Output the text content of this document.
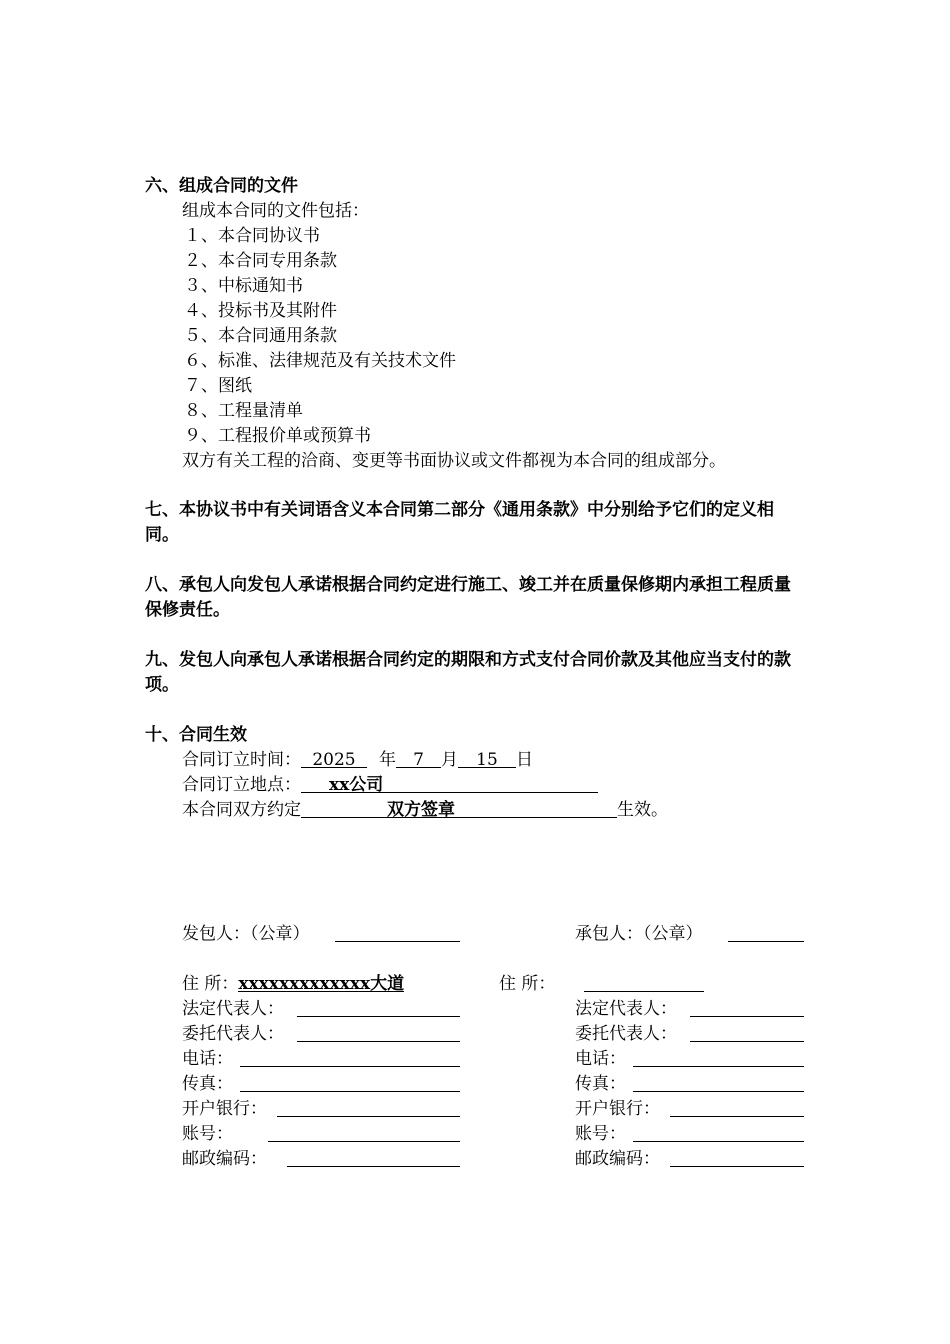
六、组成合同的文件
组成本合同的文件包括：
１、本合同协议书
２、本合同专用条款
３、中标通知书
４、投标书及其附件
５、本合同通用条款
６、标准、法律规范及有关技术文件
７、图纸
８、工程量清单
９、工程报价单或预算书
双方有关工程的洽商、变更等书面协议或文件都视为本合同的组成部分。
七、本协议书中有关词语含义本合同第二部分《通用条款》中分别给予它们的定义相同。
八、承包人向发包人承诺根据合同约定进行施工、竣工并在质量保修期内承担工程质量保修责任。
九、发包人向承包人承诺根据合同约定的期限和方式支付合同价款及其他应当支付的款项。
十、合同生效
合同订立时间： 2025 年 7 月 15 日
合同订立地点： xx公司
本合同双方约定	双方签章	生效。
发包人：（公章）
住 所：xxxxxxxxxxxxx大道
法定代表人：
委托代表人：
电话：
传真：
开户银行：
账号：
邮政编码：
承包人：（公章）
住 所：
法定代表人：
委托代表人：
电话：
传真：
开户银行：
账号：
邮政编码：
